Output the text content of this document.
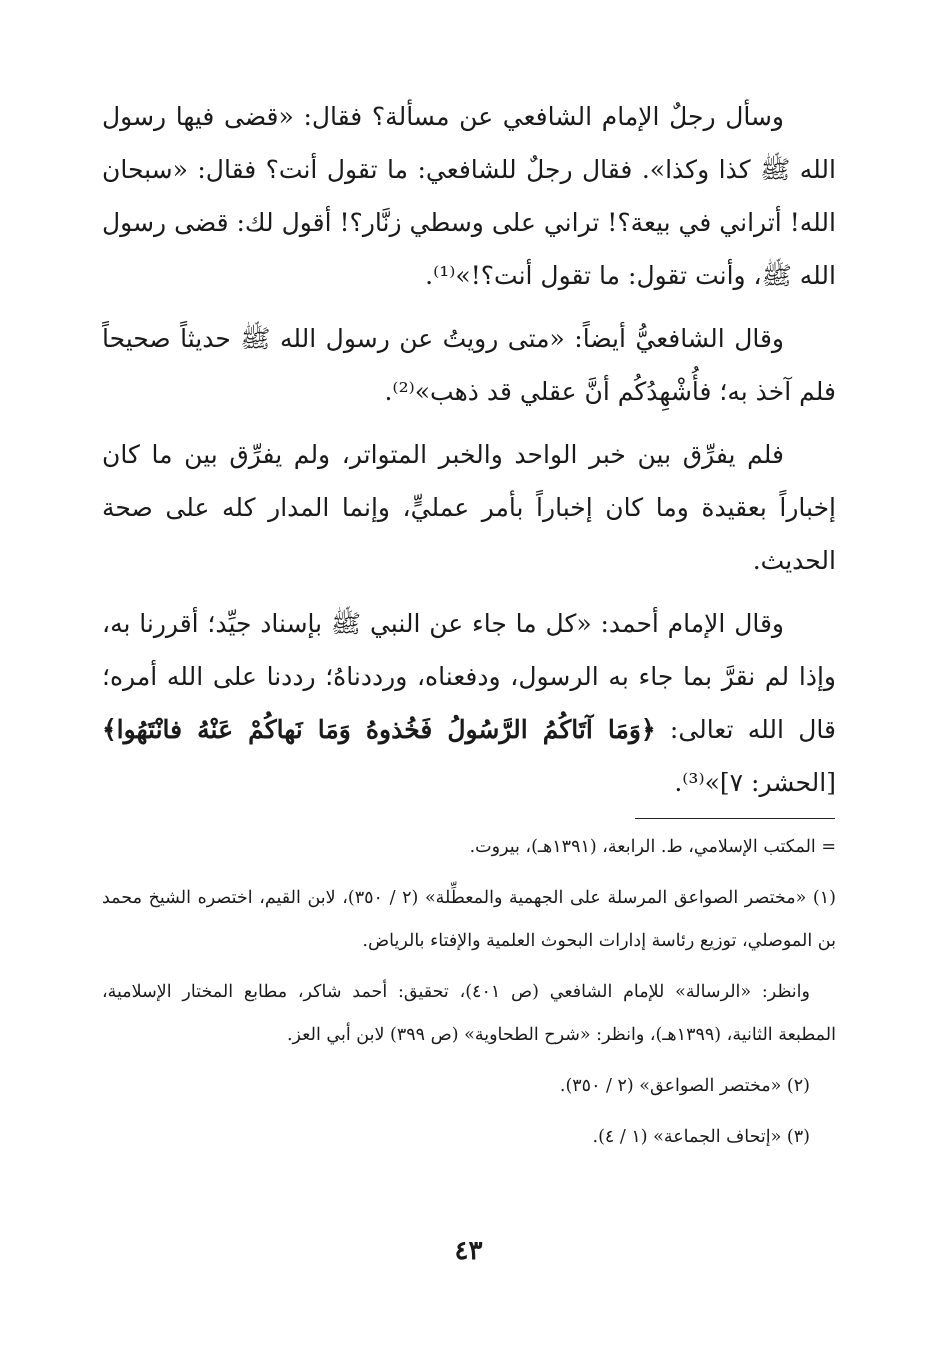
وسأل رجلٌ الإمام الشافعي عن مسألة؟ فقال: «قضى فيها رسول الله ﷺ كذا وكذا». فقال رجلٌ للشافعي: ما تقول أنت؟ فقال: «سبحان الله! أتراني في بيعة؟! تراني على وسطي زنَّار؟! أقول لك: قضى رسول الله ﷺ، وأنت تقول: ما تقول أنت؟!»⁽¹⁾.

وقال الشافعيُّ أيضاً: «متى رويتُ عن رسول الله ﷺ حديثاً صحيحاً فلم آخذ به؛ فأُشْهِدُكُم أنَّ عقلي قد ذهب»⁽²⁾.

فلم يفرِّق بين خبر الواحد والخبر المتواتر، ولم يفرِّق بين ما كان إخباراً بعقيدة وما كان إخباراً بأمر عمليٍّ، وإنما المدار كله على صحة الحديث.

وقال الإمام أحمد: «كل ما جاء عن النبي ﷺ بإسناد جيِّد؛ أقررنا به، وإذا لم نقرَّ بما جاء به الرسول، ودفعناه، ورددناهُ؛ رددنا على الله أمره؛ قال الله تعالى: ﴿وَمَا آتَاكُمُ الرَّسُولُ فَخُذوهُ وَمَا نَهاكُمْ عَنْهُ فانْتَهُوا﴾ [الحشر: ٧]»⁽³⁾.

= المكتب الإسلامي، ط. الرابعة، (١٣٩١هـ)، بيروت.

(١) «مختصر الصواعق المرسلة على الجهمية والمعطِّلة» (٢ / ٣٥٠)، لابن القيم، اختصره الشيخ محمد بن الموصلي، توزيع رئاسة إدارات البحوث العلمية والإفتاء بالرياض.

وانظر: «الرسالة» للإمام الشافعي (ص ٤٠١)، تحقيق: أحمد شاكر، مطابع المختار الإسلامية، المطبعة الثانية، (١٣٩٩هـ)، وانظر: «شرح الطحاوية» (ص ٣٩٩) لابن أبي العز.

(٢) «مختصر الصواعق» (٢ / ٣٥٠).

(٣) «إتحاف الجماعة» (١ / ٤).

٤٣
